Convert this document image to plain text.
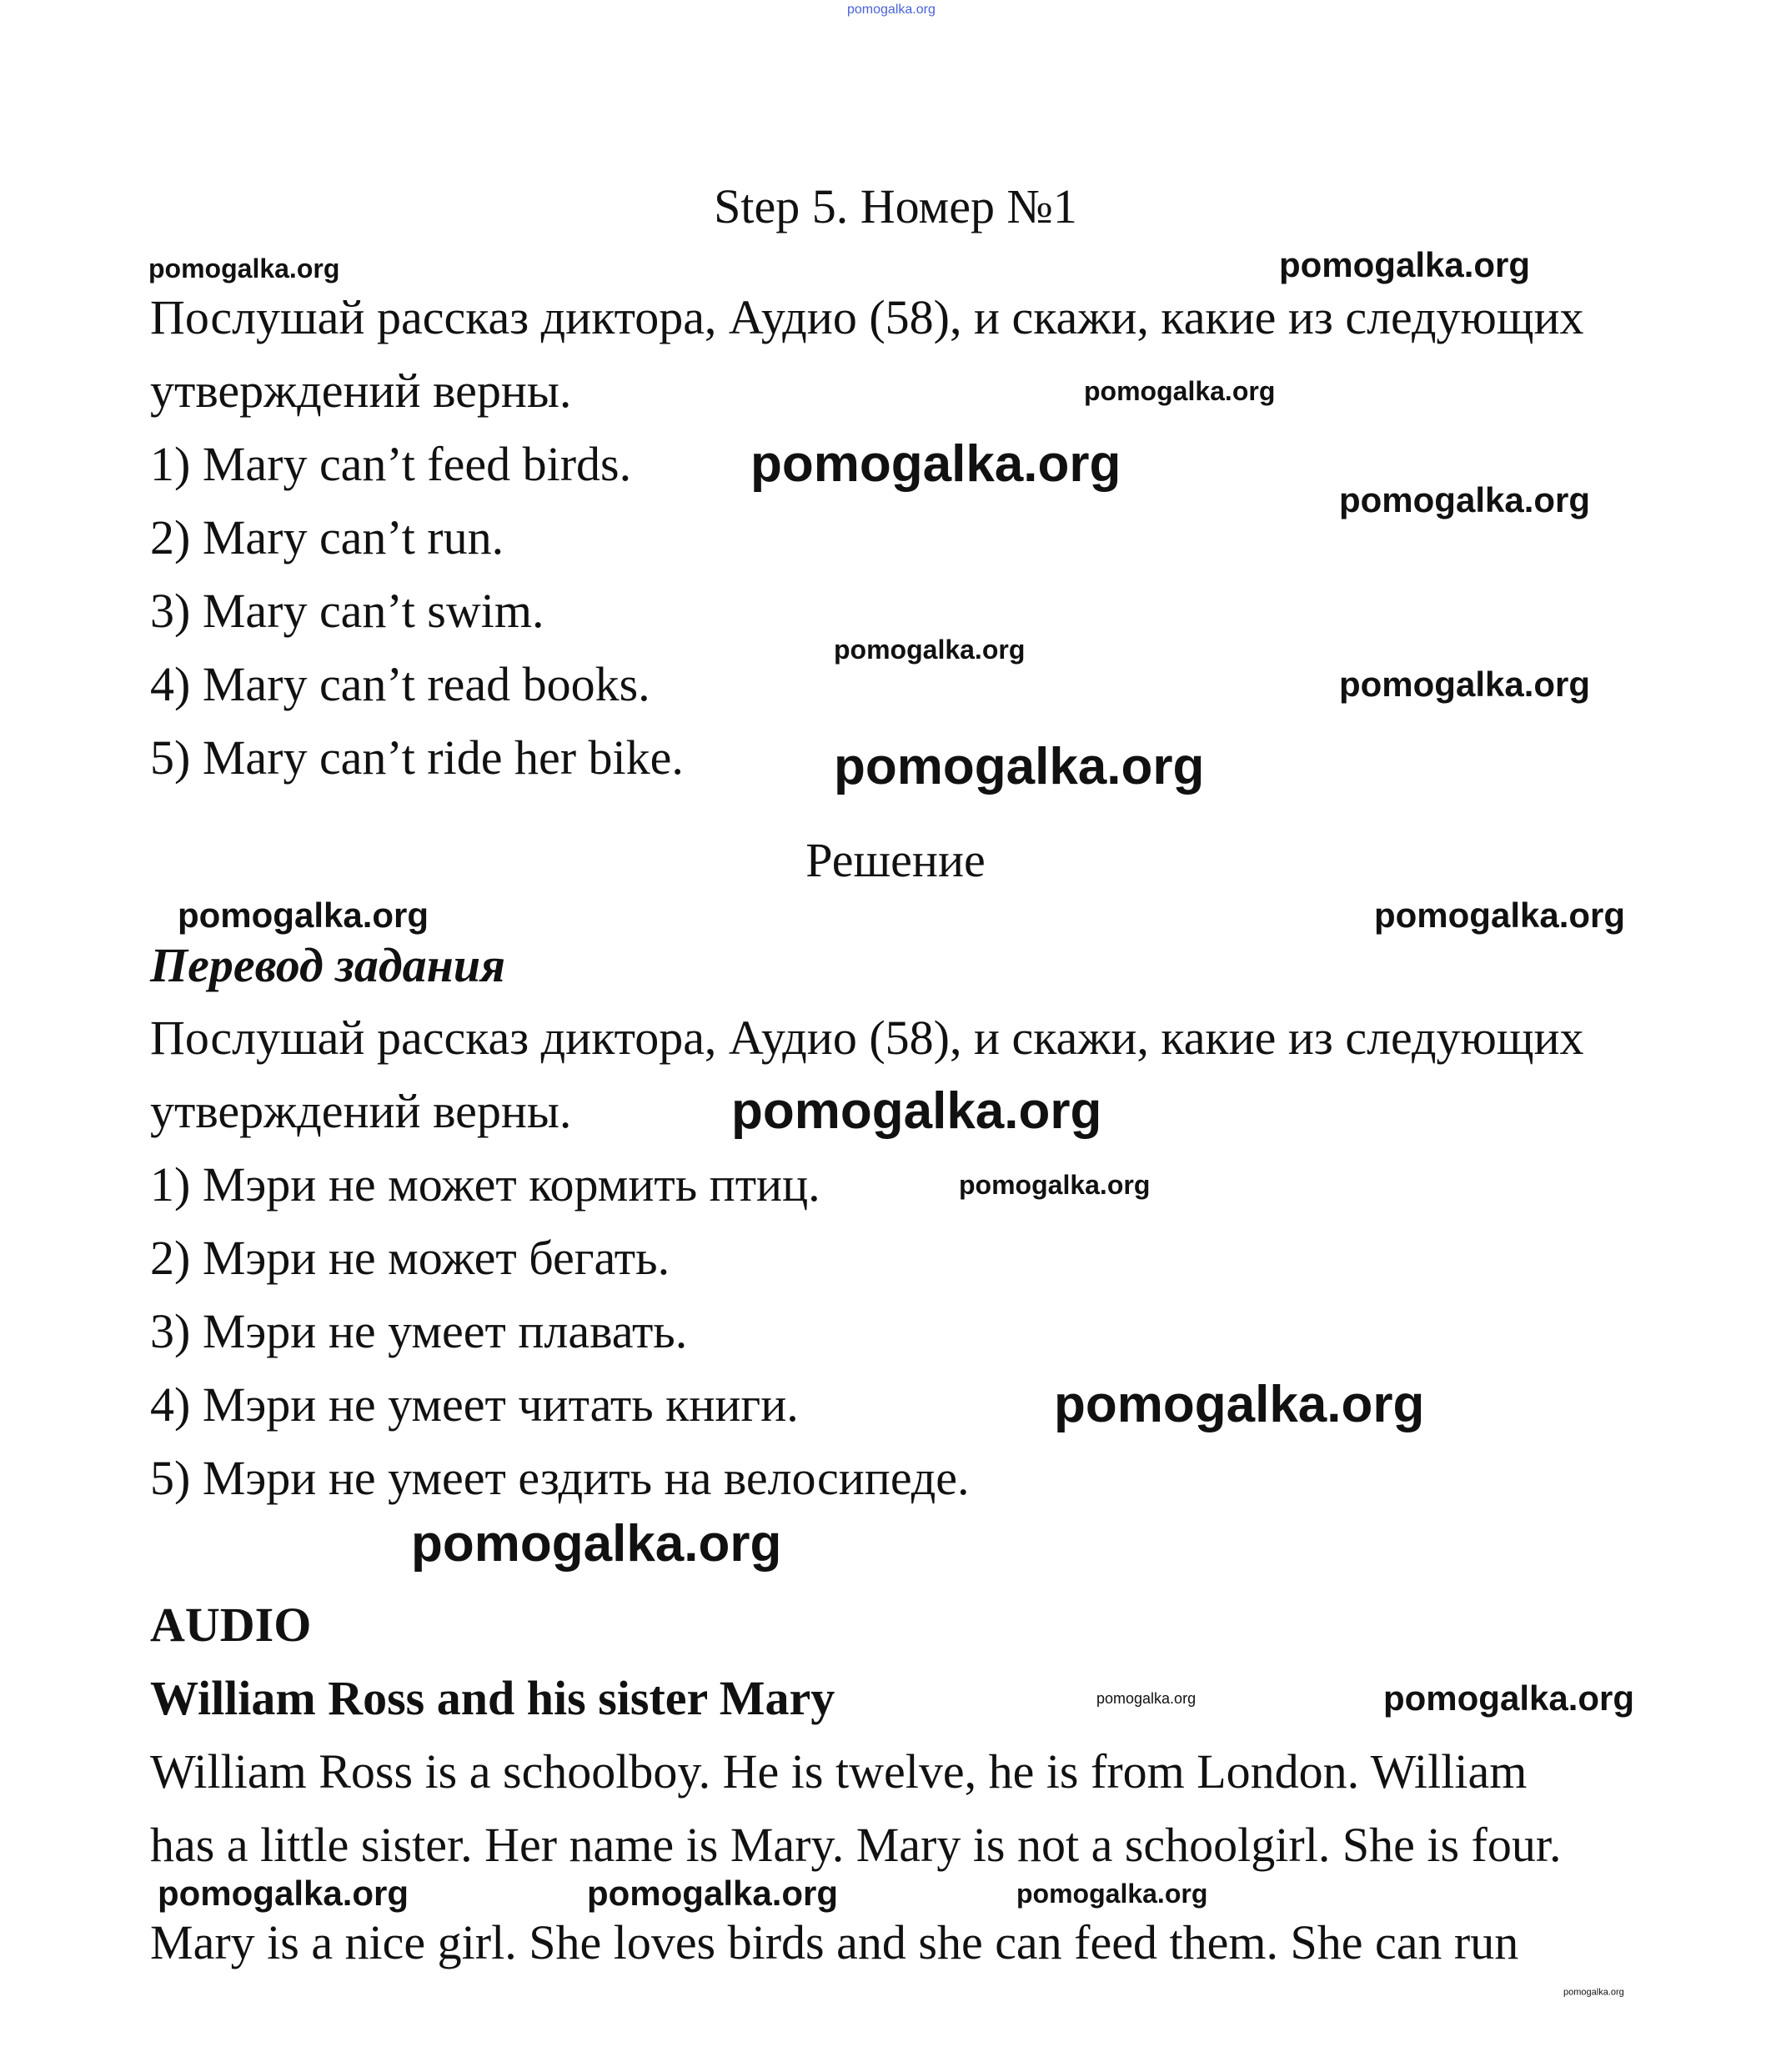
Step 5. Номер №1
Послушай рассказ диктора, Аудио (58), и скажи, какие из следующих
утверждений верны.
1) Mary can’t feed birds.
2) Mary can’t run.
3) Mary can’t swim.
4) Mary can’t read books.
5) Mary can’t ride her bike.
Решение
Перевод задания
Послушай рассказ диктора, Аудио (58), и скажи, какие из следующих
утверждений верны.
1) Мэри не может кормить птиц.
2) Мэри не может бегать.
3) Мэри не умеет плавать.
4) Мэри не умеет читать книги.
5) Мэри не умеет ездить на велосипеде.
AUDIO
William Ross and his sister Mary
William Ross is a schoolboy. He is twelve, he is from London. William
has a little sister. Her name is Mary. Mary is not a schoolgirl. She is four.
Mary is a nice girl. She loves birds and she can feed them. She can run
pomogalka.org
pomogalka.org	pomogalka.org
pomogalka.org
pomogalka.org
pomogalka.org
pomogalka.org
pomogalka.org
pomogalka.org
pomogalka.org	pomogalka.org
pomogalka.org
pomogalka.org
pomogalka.org
pomogalka.org
pomogalka.org	pomogalka.org
pomogalka.org	pomogalka.org	pomogalka.org
pomogalka.org
